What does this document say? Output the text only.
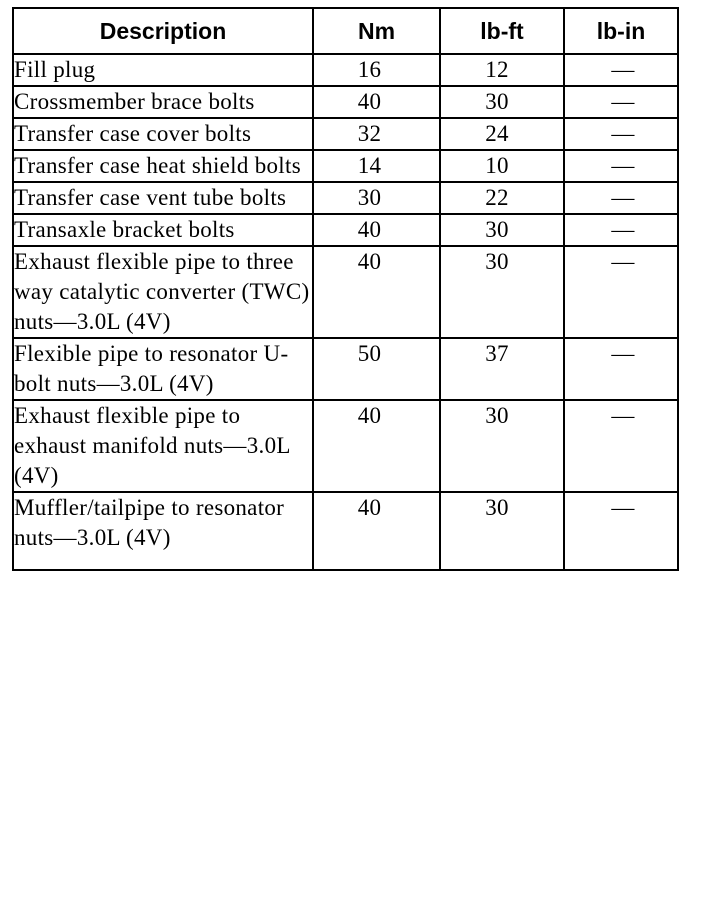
Description	Nm	lb-ft	lb-in
Fill plug	16	12	—
Crossmember brace bolts	40	30	—
Transfer case cover bolts	32	24	—
Transfer case heat shield bolts	14	10	—
Transfer case vent tube bolts	30	22	—
Transaxle bracket bolts	40	30	—
Exhaust flexible pipe to three way catalytic converter (TWC) nuts—3.0L (4V)	40	30	—
Flexible pipe to resonator U-bolt nuts—3.0L (4V)	50	37	—
Exhaust flexible pipe to exhaust manifold nuts—3.0L (4V)	40	30	—
Muffler/tailpipe to resonator nuts—3.0L (4V)	40	30	—
